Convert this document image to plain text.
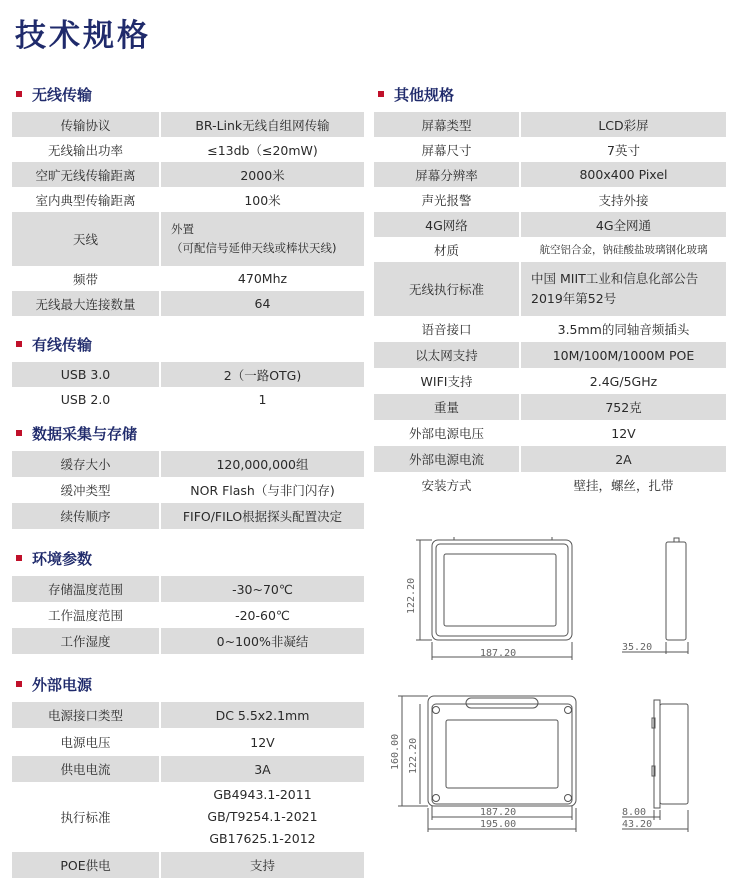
技术规格
无线传输
传输协议	BR-Link无线自组网传输
无线输出功率	≤13db（≤20mW)
空旷无线传输距离	2000米
室内典型传输距离	100米
天线	外置
（可配信号延伸天线或棒状天线)

频带	470Mhz
无线最大连接数量	64
有线传输
USB 3.0	2（一路OTG)
USB 2.0	1
数据采集与存储
缓存大小	120,000,000组
缓冲类型	NOR Flash（与非门闪存)
续传顺序	FIFO/FILO根据探头配置决定
环境参数
存储温度范围	-30~70℃
工作温度范围	-20-60℃
工作湿度	0~100%非凝结
外部电源
电源接口类型	DC 5.5x2.1mm
电源电压	12V
供电电流	3A
执行标准	GB4943.1-2011
GB/T9254.1-2021
GB17625.1-2012

POE供电	支持
其他规格
屏幕类型	LCD彩屏
屏幕尺寸	7英寸
屏幕分辨率	800x400 Pixel
声光报警	支持外接
4G网络	4G全网通
材质	航空铝合金，钠硅酸盐玻璃钢化玻璃
无线执行标准	中国 MIIT工业和信息化部公告
2019年第52号

语音接口	3.5mm的同轴音频插头
以太网支持	10M/100M/1000M POE
WIFI支持	2.4G/5GHz
重量	752克
外部电源电压	12V
外部电源电流	2A
安装方式	壁挂，螺丝，扎带
122.20
187.20
35.20
160.00 122.20
187.20
195.00
8.00
43.20
